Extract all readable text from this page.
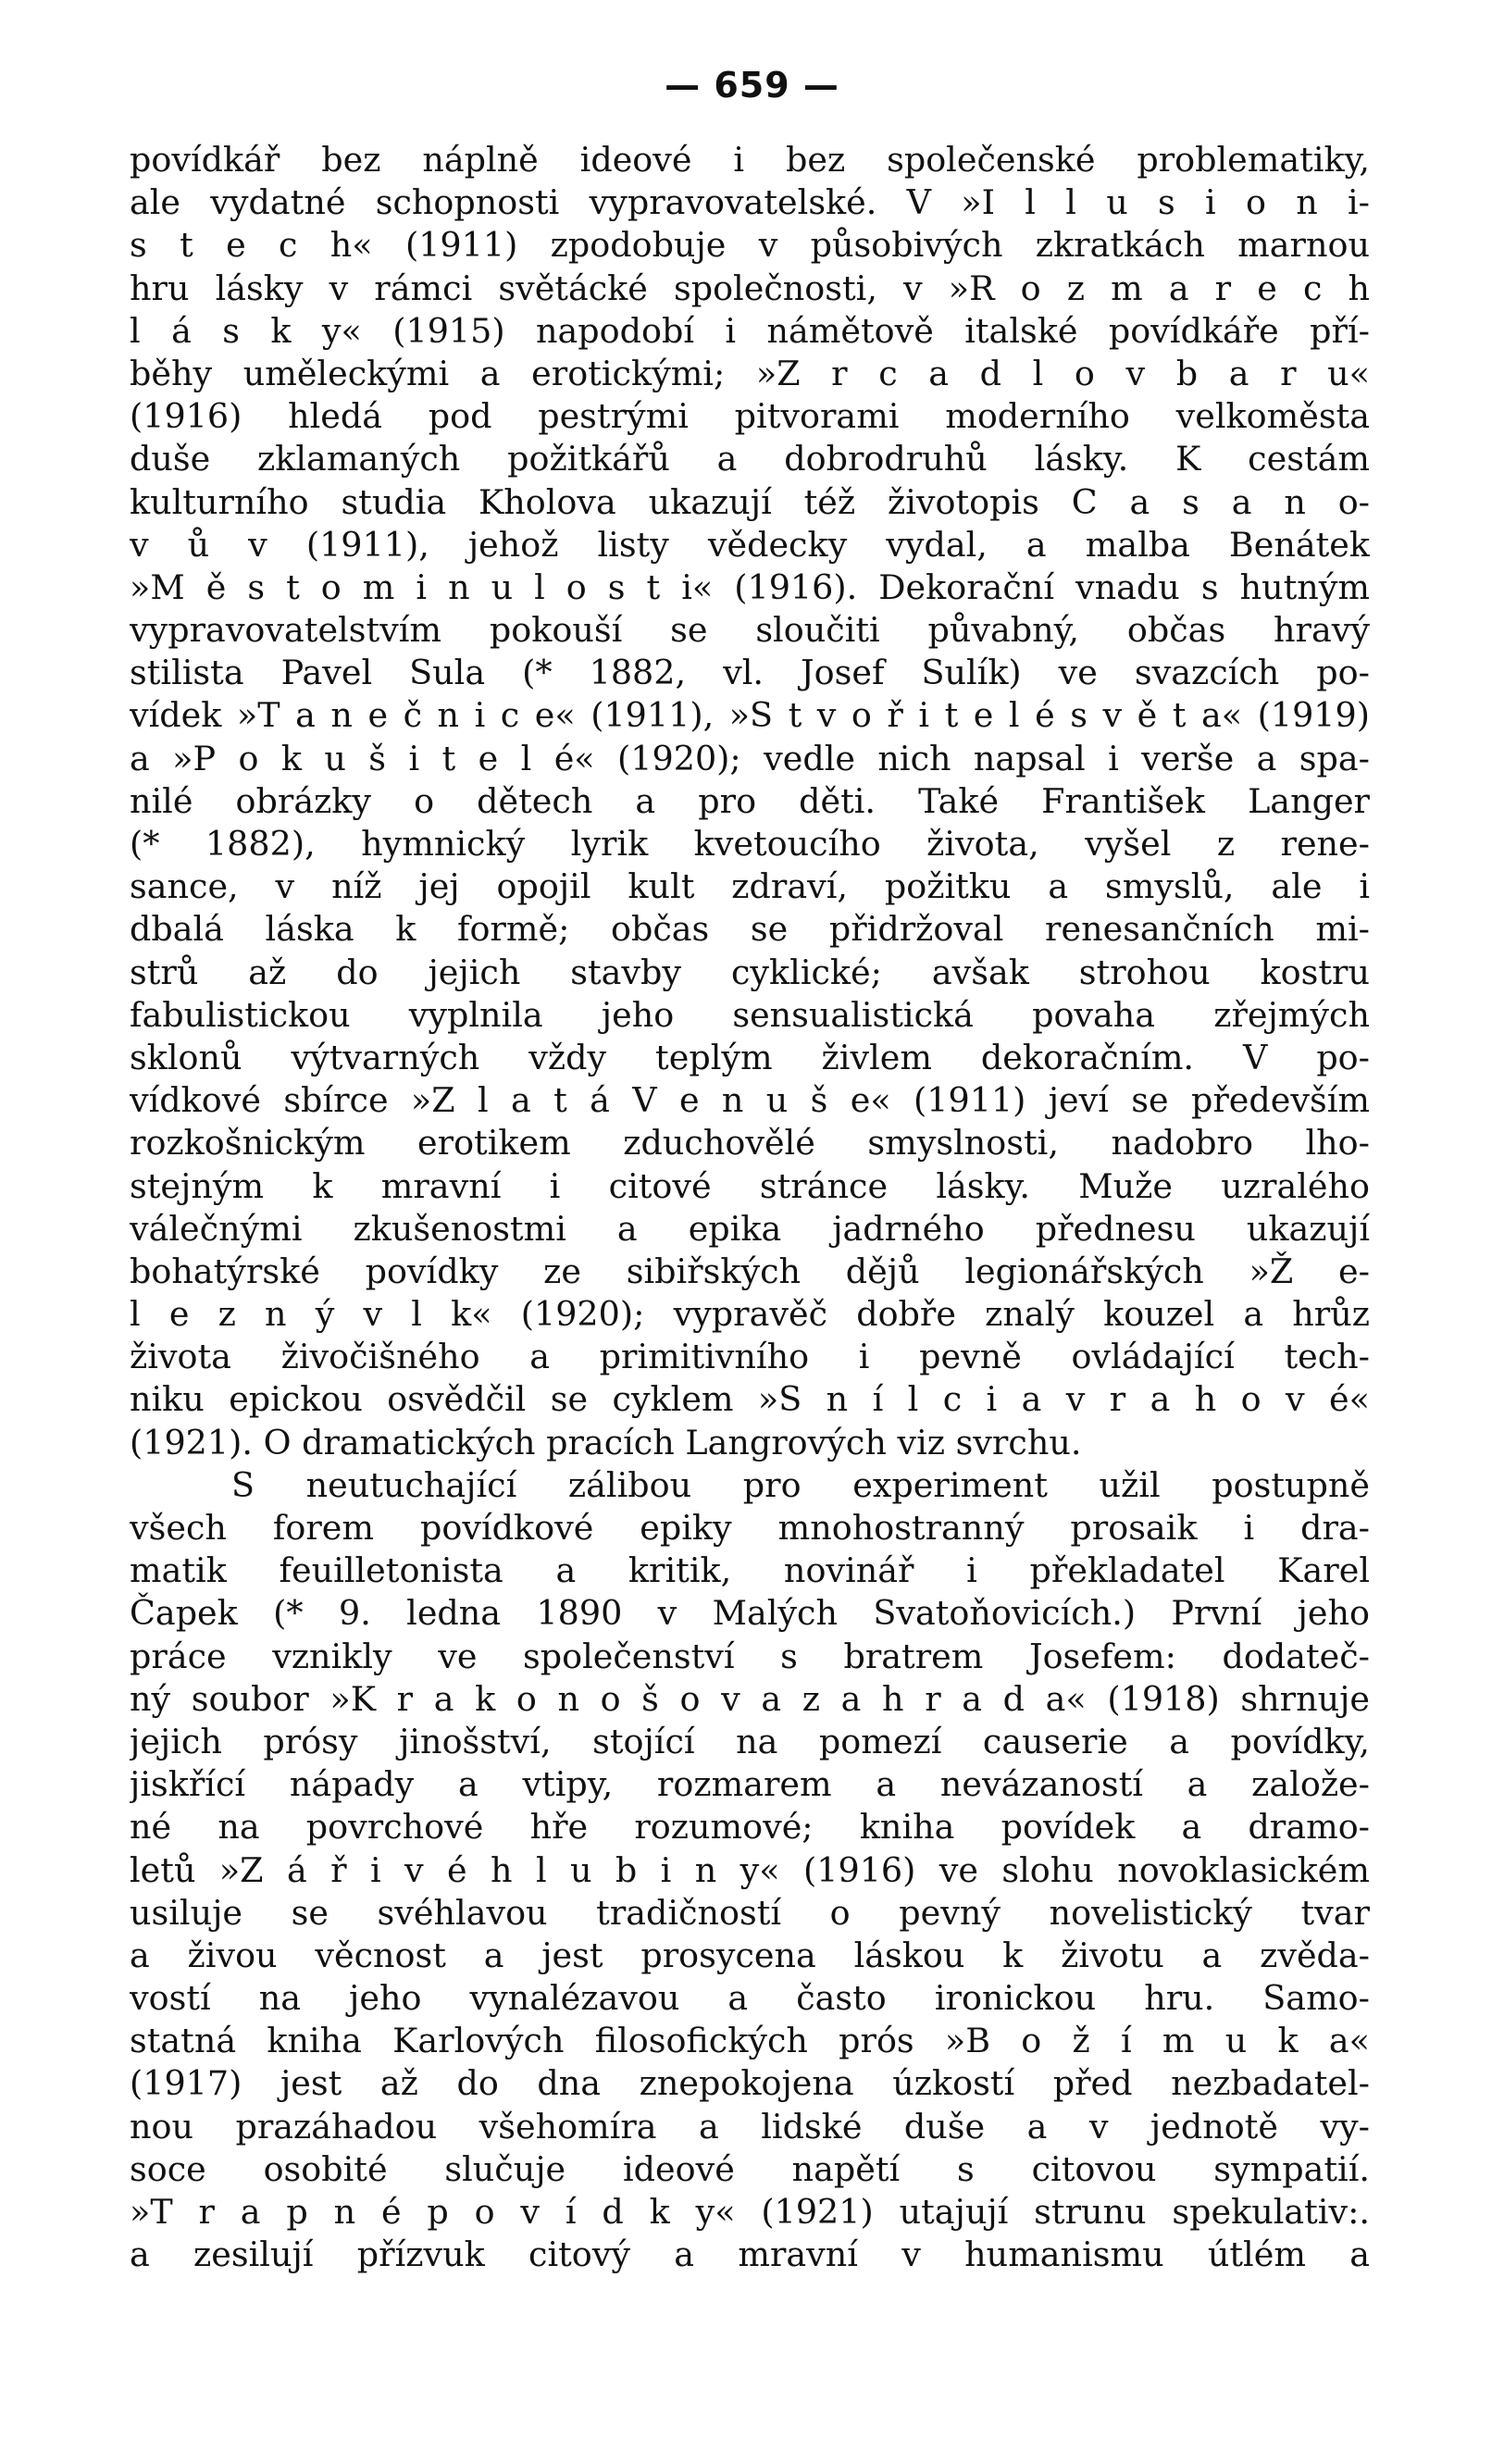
— 659 —
povídkář bez náplně ideové i bez společenské problematiky,
ale vydatné schopnosti vypravovatelské. V »I l l u s i o n i-
s t e c h« (1911) zpodobuje v působivých zkratkách marnou
hru lásky v rámci světácké společnosti, v »R o z m a r e c h
l á s k y« (1915) napodobí i námětově italské povídkáře pří-
běhy uměleckými a erotickými; »Z r c a d l o v b a r u«
(1916) hledá pod pestrými pitvorami moderního velkoměsta
duše zklamaných požitkářů a dobrodruhů lásky. K cestám
kulturního studia Kholova ukazují též životopis C a s a n o-
v ů v (1911), jehož listy vědecky vydal, a malba Benátek
»M ě s t o m i n u l o s t i« (1916). Dekorační vnadu s hutným
vypravovatelstvím pokouší se sloučiti půvabný, občas hravý
stilista Pavel Sula (* 1882, vl. Josef Sulík) ve svazcích po-
vídek »T a n e č n i c e« (1911), »S t v o ř i t e l é s v ě t a« (1919)
a »P o k u š i t e l é« (1920); vedle nich napsal i verše a spa-
nilé obrázky o dětech a pro děti. Také František Langer
(* 1882), hymnický lyrik kvetoucího života, vyšel z rene-
sance, v níž jej opojil kult zdraví, požitku a smyslů, ale i
dbalá láska k formě; občas se přidržoval renesančních mi-
strů až do jejich stavby cyklické; avšak strohou kostru
fabulistickou vyplnila jeho sensualistická povaha zřejmých
sklonů výtvarných vždy teplým živlem dekoračním. V po-
vídkové sbírce »Z l a t á V e n u š e« (1911) jeví se především
rozkošnickým erotikem zduchovělé smyslnosti, nadobro lho-
stejným k mravní i citové stránce lásky. Muže uzralého
válečnými zkušenostmi a epika jadrného přednesu ukazují
bohatýrské povídky ze sibiřských dějů legionářských »Ž e-
l e z n ý v l k« (1920); vypravěč dobře znalý kouzel a hrůz
života živočišného a primitivního i pevně ovládající tech-
niku epickou osvědčil se cyklem »S n í l c i a v r a h o v é«
(1921). O dramatických pracích Langrových viz svrchu.
S neutuchající zálibou pro experiment užil postupně
všech forem povídkové epiky mnohostranný prosaik i dra-
matik feuilletonista a kritik, novinář i překladatel Karel
Čapek (* 9. ledna 1890 v Malých Svatoňovicích.) První jeho
práce vznikly ve společenství s bratrem Josefem: dodateč-
ný soubor »K r a k o n o š o v a z a h r a d a« (1918) shrnuje
jejich prósy jinošství, stojící na pomezí causerie a povídky,
jiskřící nápady a vtipy, rozmarem a nevázaností a založe-
né na povrchové hře rozumové; kniha povídek a dramo-
letů »Z á ř i v é h l u b i n y« (1916) ve slohu novoklasickém
usiluje se svéhlavou tradičností o pevný novelistický tvar
a živou věcnost a jest prosycena láskou k životu a zvěda-
vostí na jeho vynalézavou a často ironickou hru. Samo-
statná kniha Karlových filosofických prós »B o ž í m u k a«
(1917) jest až do dna znepokojena úzkostí před nezbadatel-
nou prazáhadou všehomíra a lidské duše a v jednotě vy-
soce osobité slučuje ideové napětí s citovou sympatií.
»T r a p n é p o v í d k y« (1921) utajují strunu spekulativ:.
a zesilují přízvuk citový a mravní v humanismu útlém a
